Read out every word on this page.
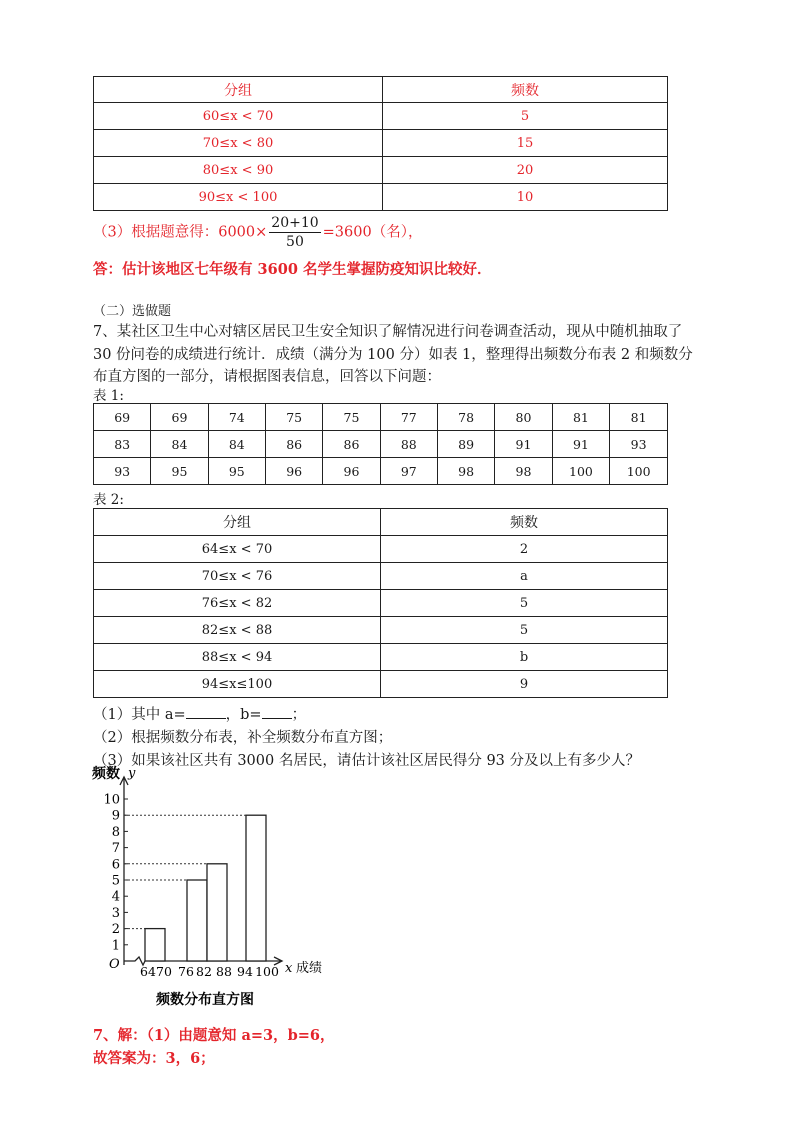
分组	频数
60≤x < 70	5
70≤x < 80	15
80≤x < 90	20
90≤x < 100	10
（3）根据题意得：$6000\times \frac{20+10}{50} =3600$（名），
答：估计该地区七年级有 3600 名学生掌握防疫知识比较好．
（二）选做题
7、某社区卫生中心对辖区居民卫生安全知识了解情况进行问卷调查活动，现从中随机抽取了
30 份问卷的成绩进行统计．成绩（满分为 100 分）如表 1，整理得出频数分布表 2 和频数分
布直方图的一部分，请根据图表信息，回答以下问题：
表 1:
69	69	74	75	75	77	78	80	81	81
83	84	84	86	86	88	89	91	91	93
93	95	95	96	96	97	98	98	100	100
表 2:
分组	频数
64≤x < 70	2
70≤x < 76	a
76≤x < 82	5
82≤x < 88	5
88≤x < 94	b
94≤x≤100	9
（1）其中 a=	，b= ；
（2）根据频数分布表，补全频数分布直方图；
（3）如果该社区共有 3000 名居民，请估计该社区居民得分 93 分及以上有多少人？
1
2
3
4
5
6
7
8
9
10
64 70 76 82 88 94 100
频数 y
O	x 成绩
频数分布直方图
7、解：（1）由题意知 a=3，b=6，
故答案为：3，6；
